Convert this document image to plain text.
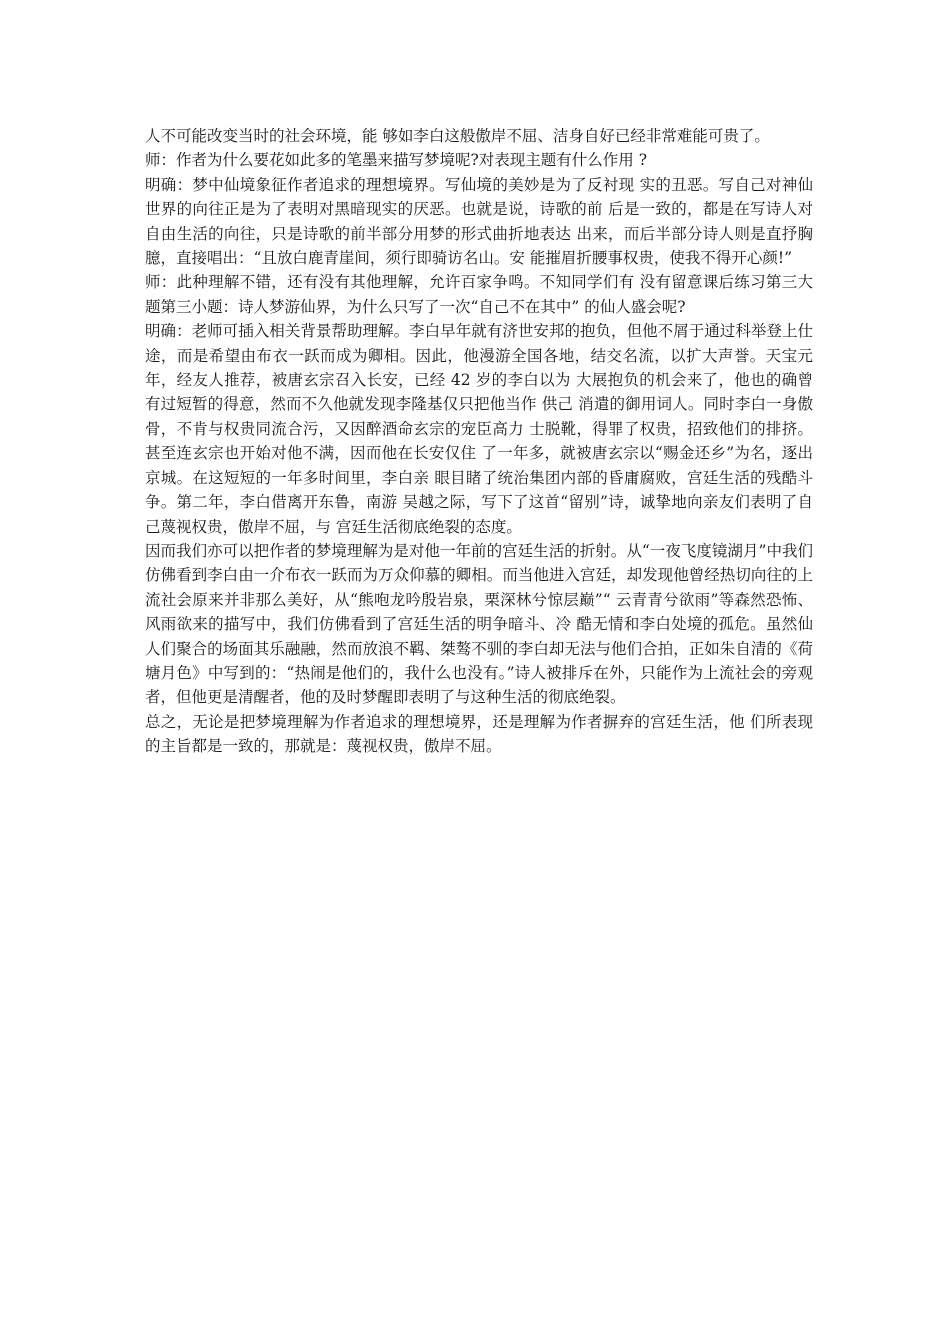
人不可能改变当时的社会环境，能 够如李白这般傲岸不屈、洁身自好已经非常难能可贵了。

师：作者为什么要花如此多的笔墨来描写梦境呢?对表现主题有什么作用 ?

明确：梦中仙境象征作者追求的理想境界。写仙境的美妙是为了反衬现 实的丑恶。写自己对神仙世界的向往正是为了表明对黑暗现实的厌恶。也就是说，诗歌的前 后是一致的，都是在写诗人对自由生活的向往，只是诗歌的前半部分用梦的形式曲折地表达 出来，而后半部分诗人则是直抒胸臆，直接唱出：“且放白鹿青崖间，须行即骑访名山。安 能摧眉折腰事权贵，使我不得开心颜!”

师：此种理解不错，还有没有其他理解，允许百家争鸣。不知同学们有 没有留意课后练习第三大题第三小题：诗人梦游仙界，为什么只写了一次“自己不在其中” 的仙人盛会呢?

明确：老师可插入相关背景帮助理解。李白早年就有济世安邦的抱负，但他不屑于通过科举登上仕途，而是希望由布衣一跃而成为卿相。因此，他漫游全国各地，结交名流，以扩大声誉。天宝元年，经友人推荐，被唐玄宗召入长安，已经 42 岁的李白以为 大展抱负的机会来了，他也的确曾有过短暂的得意，然而不久他就发现李隆基仅只把他当作 供己 消遣的御用词人。同时李白一身傲骨，不肯与权贵同流合污，又因醉酒命玄宗的宠臣高力 士脱靴，得罪了权贵，招致他们的排挤。甚至连玄宗也开始对他不满，因而他在长安仅住 了一年多，就被唐玄宗以“赐金还乡”为名，逐出京城。在这短短的一年多时间里，李白亲 眼目睹了统治集团内部的昏庸腐败，宫廷生活的残酷斗争。第二年，李白借离开东鲁，南游 吴越之际，写下了这首“留别”诗，诚挚地向亲友们表明了自己蔑视权贵，傲岸不屈，与 宫廷生活彻底绝裂的态度。

因而我们亦可以把作者的梦境理解为是对他一年前的宫廷生活的折射。从“一夜飞度镜湖月”中我们仿佛看到李白由一介布衣一跃而为万众仰慕的卿相。而当他进入宫廷，却发现他曾经热切向往的上流社会原来并非那么美好，从“熊咆龙吟殷岩泉，栗深林兮惊层巅”“ 云青青兮欲雨”等森然恐怖、风雨欲来的描写中，我们仿佛看到了宫廷生活的明争暗斗、冷 酷无情和李白处境的孤危。虽然仙人们聚合的场面其乐融融，然而放浪不羁、桀骜不驯的李白却无法与他们合拍，正如朱自清的《荷塘月色》中写到的：“热闹是他们的，我什么也没有。”诗人被排斥在外，只能作为上流社会的旁观者，但他更是清醒者，他的及时梦醒即表明了与这种生活的彻底绝裂。

总之，无论是把梦境理解为作者追求的理想境界，还是理解为作者摒弃的宫廷生活，他 们所表现的主旨都是一致的，那就是：蔑视权贵，傲岸不屈。
